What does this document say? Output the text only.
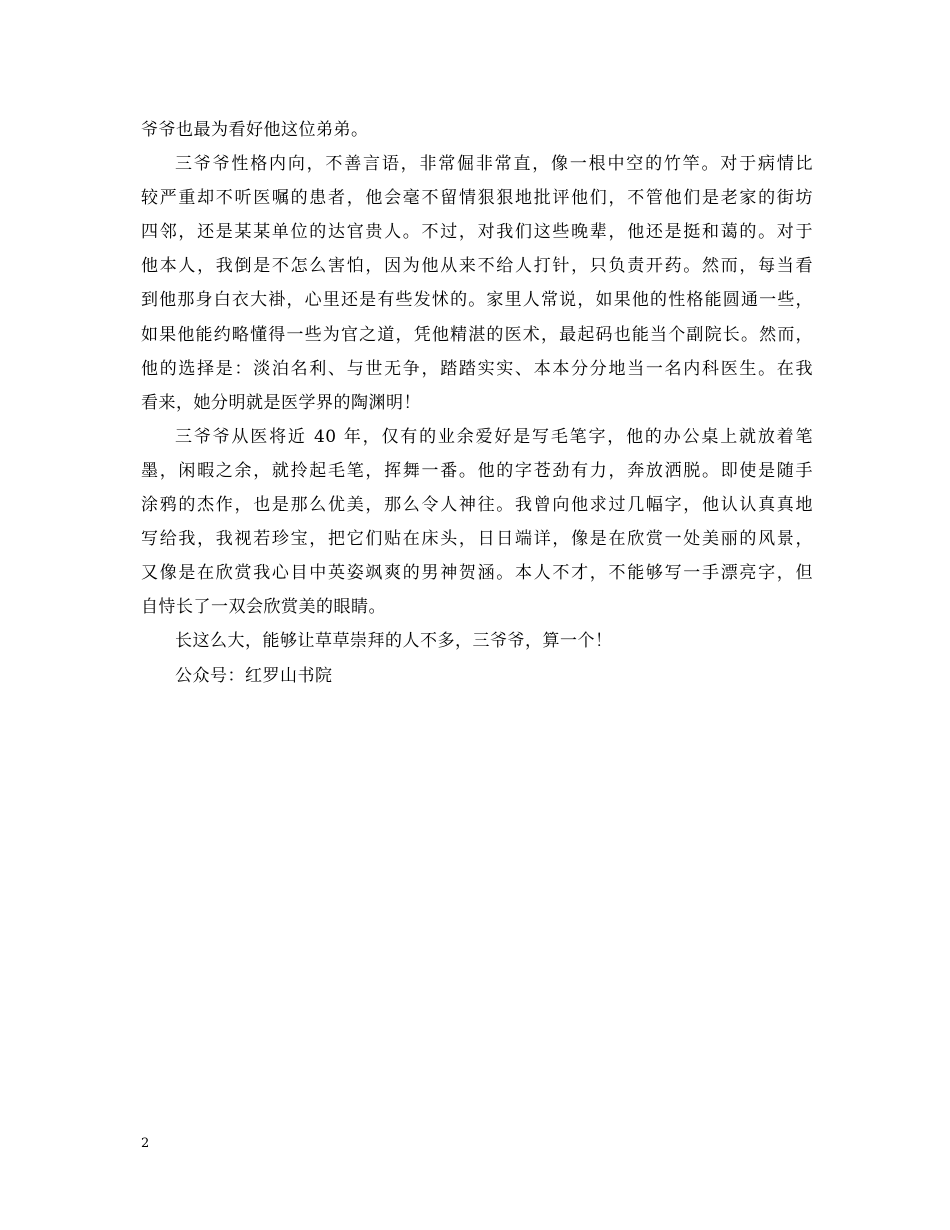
爷爷也最为看好他这位弟弟。
三爷爷性格内向，不善言语，非常倔非常直，像一根中空的竹竿。对于病情比
较严重却不听医嘱的患者，他会毫不留情狠狠地批评他们，不管他们是老家的街坊
四邻，还是某某单位的达官贵人。不过，对我们这些晚辈，他还是挺和蔼的。对于
他本人，我倒是不怎么害怕，因为他从来不给人打针，只负责开药。然而，每当看
到他那身白衣大褂，心里还是有些发怵的。家里人常说，如果他的性格能圆通一些，
如果他能约略懂得一些为官之道，凭他精湛的医术，最起码也能当个副院长。然而，
他的选择是：淡泊名利、与世无争，踏踏实实、本本分分地当一名内科医生。在我
看来，她分明就是医学界的陶渊明！
三爷爷从医将近 40 年，仅有的业余爱好是写毛笔字，他的办公桌上就放着笔
墨，闲暇之余，就拎起毛笔，挥舞一番。他的字苍劲有力，奔放洒脱。即使是随手
涂鸦的杰作，也是那么优美，那么令人神往。我曾向他求过几幅字，他认认真真地
写给我，我视若珍宝，把它们贴在床头，日日端详，像是在欣赏一处美丽的风景，
又像是在欣赏我心目中英姿飒爽的男神贺涵。本人不才，不能够写一手漂亮字，但
自恃长了一双会欣赏美的眼睛。
长这么大，能够让草草崇拜的人不多，三爷爷，算一个！
公众号：红罗山书院
2
